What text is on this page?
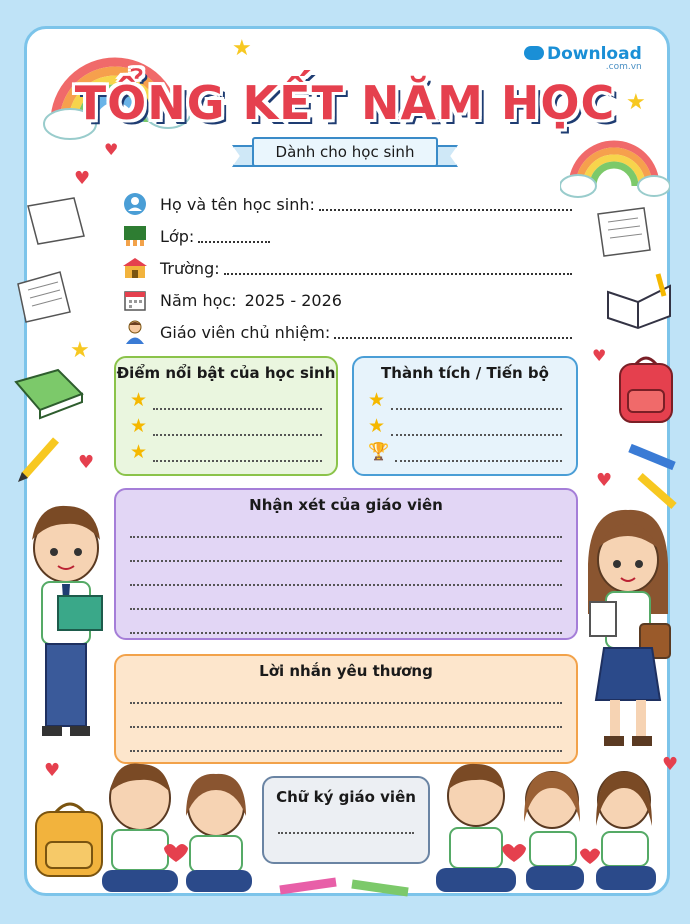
★
★
★
♥
♥
♥
♥
♥
♥	♥
Download
.com.vn
TỔNG KẾT NĂM HỌC
Dành cho học sinh
Họ và tên học sinh:
Lớp:
Trường:
Năm học: 2025 - 2026
Giáo viên chủ nhiệm:
Điểm nổi bật của học sinh
★
★
★
Thành tích / Tiến bộ
★
★
🏆
Nhận xét của giáo viên
Lời nhắn yêu thương
Chữ ký giáo viên
